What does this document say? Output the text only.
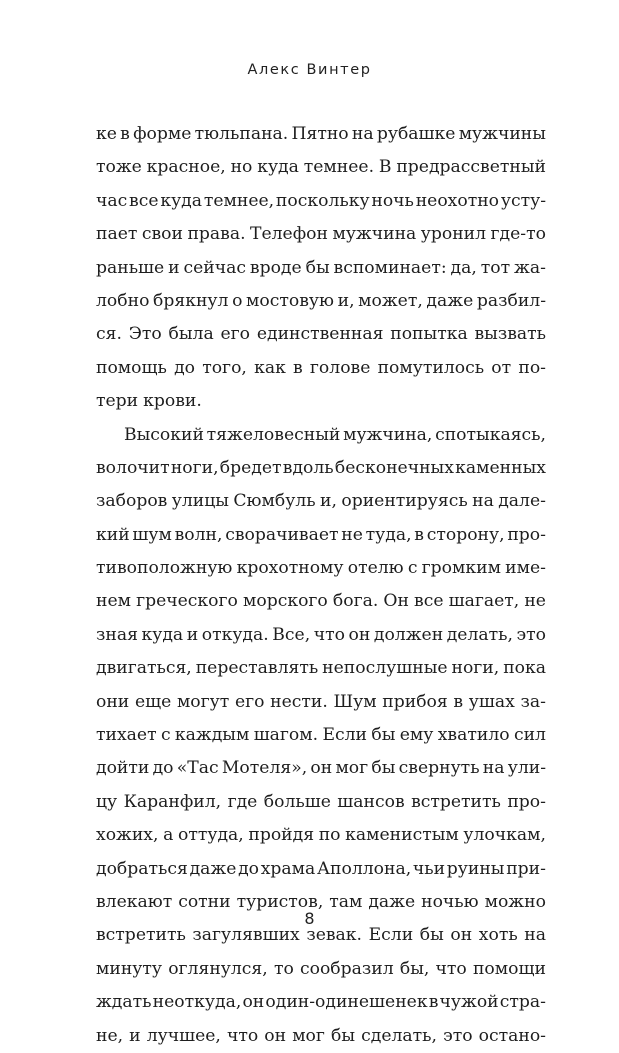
Алекс Винтер
ке в форме тюльпана. Пятно на рубашке мужчины
тоже красное, но куда темнее. В предрассветный
час все куда темнее, поскольку ночь неохотно усту-
пает свои права. Телефон мужчина уронил где-то
раньше и сейчас вроде бы вспоминает: да, тот жа-
лобно брякнул о мостовую и, может, даже разбил-
ся. Это была его единственная попытка вызвать
помощь до того, как в голове помутилось от по-
тери крови.
Высокий тяжеловесный мужчина, спотыкаясь,
волочит ноги, бредет вдоль бесконечных каменных
заборов улицы Сюмбуль и, ориентируясь на дале-
кий шум волн, сворачивает не туда, в сторону, про-
тивоположную крохотному отелю с громким име-
нем греческого морского бога. Он все шагает, не
зная куда и откуда. Все, что он должен делать, это
двигаться, переставлять непослушные ноги, пока
они еще могут его нести. Шум прибоя в ушах за-
тихает с каждым шагом. Если бы ему хватило сил
дойти до «Тас Мотеля», он мог бы свернуть на ули-
цу Каранфил, где больше шансов встретить про-
хожих, а оттуда, пройдя по каменистым улочкам,
добраться даже до храма Аполлона, чьи руины при-
влекают сотни туристов, там даже ночью можно
встретить загулявших зевак. Если бы он хоть на
минуту оглянулся, то сообразил бы, что помощи
ждать неоткуда, он один-одинешенек в чужой стра-
не, и лучшее, что он мог бы сделать, это остано-
8
